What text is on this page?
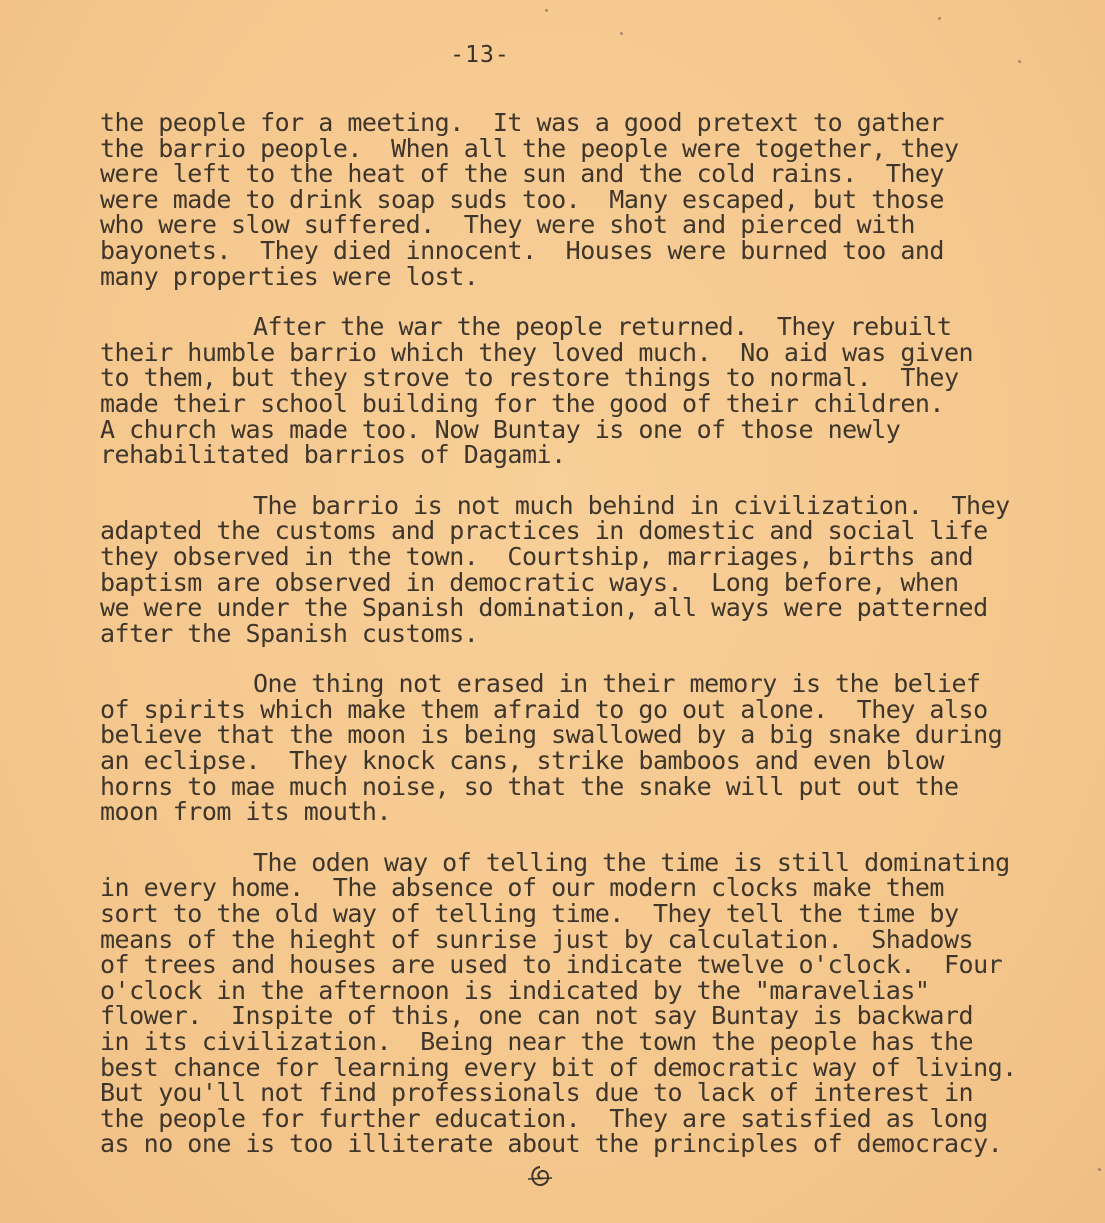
-13-
the people for a meeting.  It was a good pretext to gather
the barrio people.  When all the people were together, they
were left to the heat of the sun and the cold rains.  They
were made to drink soap suds too.  Many escaped, but those
who were slow suffered.  They were shot and pierced with
bayonets.  They died innocent.  Houses were burned too and
many properties were lost.
After the war the people returned.  They rebuilt
their humble barrio which they loved much.  No aid was given
to them, but they strove to restore things to normal.  They
made their school building for the good of their children.
A church was made too. Now Buntay is one of those newly
rehabilitated barrios of Dagami.
The barrio is not much behind in civilization.  They
adapted the customs and practices in domestic and social life
they observed in the town.  Courtship, marriages, births and
baptism are observed in democratic ways.  Long before, when
we were under the Spanish domination, all ways were patterned
after the Spanish customs.
One thing not erased in their memory is the belief
of spirits which make them afraid to go out alone.  They also
believe that the moon is being swallowed by a big snake during
an eclipse.  They knock cans, strike bamboos and even blow
horns to mae much noise, so that the snake will put out the
moon from its mouth.
The oden way of telling the time is still dominating
in every home.  The absence of our modern clocks make them
sort to the old way of telling time.  They tell the time by
means of the hieght of sunrise just by calculation.  Shadows
of trees and houses are used to indicate twelve o'clock.  Four
o'clock in the afternoon is indicated by the "maravelias"
flower.  Inspite of this, one can not say Buntay is backward
in its civilization.  Being near the town the people has the
best chance for learning every bit of democratic way of living.
But you'll not find professionals due to lack of interest in
the people for further education.  They are satisfied as long
as no one is too illiterate about the principles of democracy.
